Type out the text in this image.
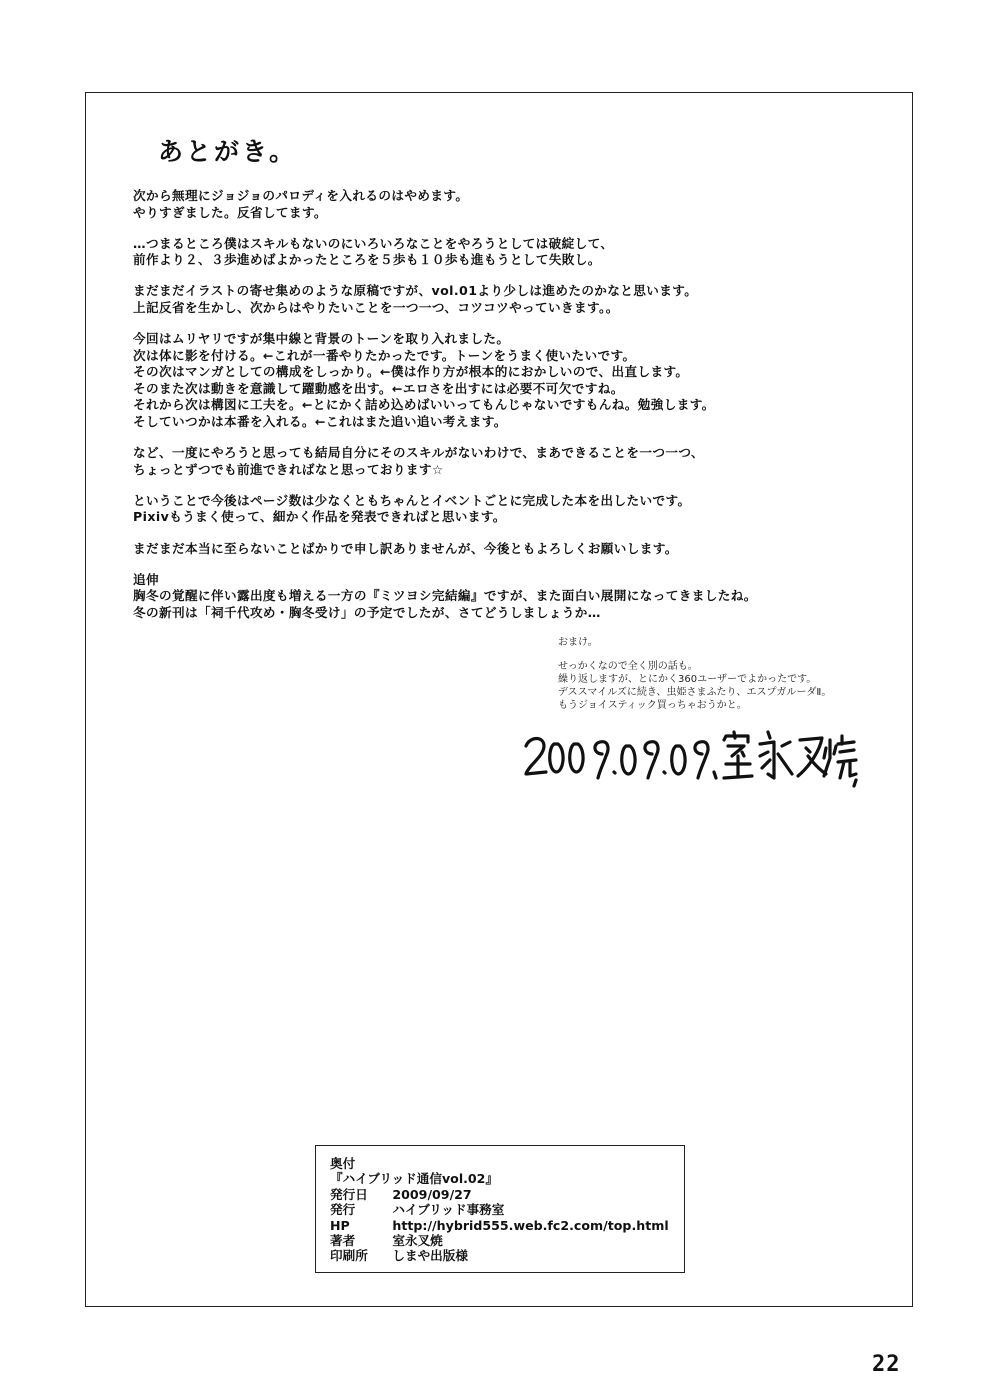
あとがき。
次から無理にジョジョのパロディを入れるのはやめます。
やりすぎました。反省してます。
…つまるところ僕はスキルもないのにいろいろなことをやろうとしては破綻して、
前作より２、３歩進めばよかったところを５歩も１０歩も進もうとして失敗し。
まだまだイラストの寄せ集めのような原稿ですが、vol.01より少しは進めたのかなと思います。
上記反省を生かし、次からはやりたいことを一つ一つ、コツコツやっていきます。。
今回はムリヤリですが集中線と背景のトーンを取り入れました。
次は体に影を付ける。←これが一番やりたかったです。トーンをうまく使いたいです。
その次はマンガとしての構成をしっかり。←僕は作り方が根本的におかしいので、出直します。
そのまた次は動きを意識して躍動感を出す。←エロさを出すには必要不可欠ですね。
それから次は構図に工夫を。←とにかく詰め込めばいいってもんじゃないですもんね。勉強します。
そしていつかは本番を入れる。←これはまた追い追い考えます。
など、一度にやろうと思っても結局自分にそのスキルがないわけで、まあできることを一つ一つ、
ちょっとずつでも前進できればなと思っております☆
ということで今後はページ数は少なくともちゃんとイベントごとに完成した本を出したいです。
Pixivもうまく使って、細かく作品を発表できればと思います。
まだまだ本当に至らないことばかりで申し訳ありませんが、今後ともよろしくお願いします。
追伸
胸冬の覚醒に伴い露出度も増える一方の『ミツヨシ完結編』ですが、また面白い展開になってきましたね。
冬の新刊は「祠千代攻め・胸冬受け」の予定でしたが、さてどうしましょうか…
おまけ。
せっかくなので全く別の話も。
繰り返しますが、とにかく360ユーザーでよかったです。
デススマイルズに続き、虫姫さまふたり、エスプガルーダⅡ。
もうジョイスティック買っちゃおうかと。
奥付
『ハイブリッド通信vol.02』
発行日 2009/09/27
発行	ハイブリッド事務室
HP	http://hybrid555.web.fc2.com/top.html
著者	室永叉焼
印刷所 しまや出版様
22
